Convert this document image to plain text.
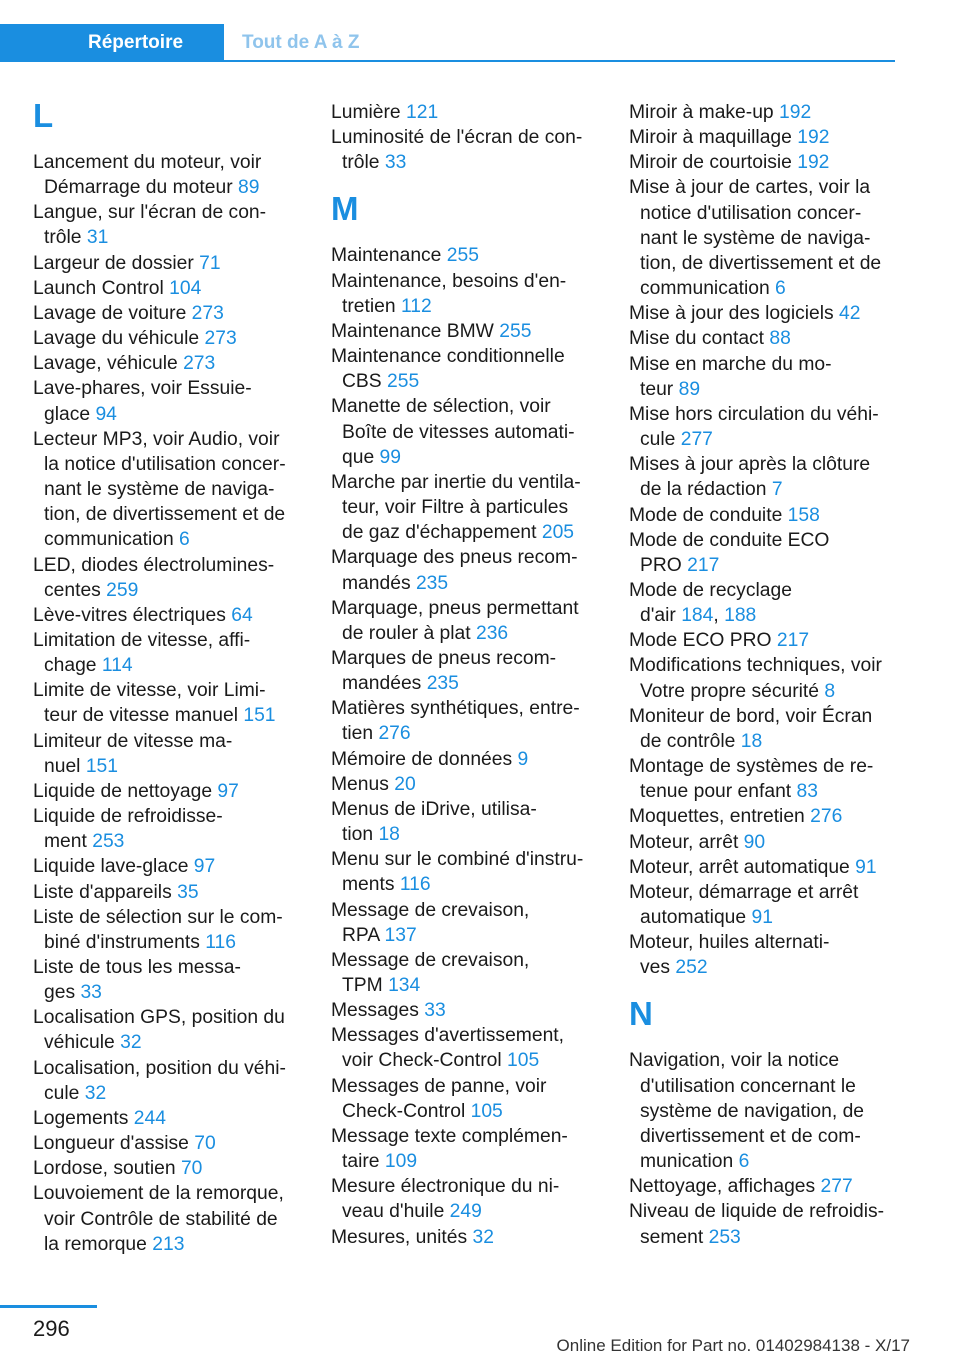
Répertoire	Tout de A à Z
L

Lancement du moteur, voir
Démarrage du moteur 89

Langue, sur l'écran de con‐
trôle 31

Largeur de dossier 71

Launch Control 104

Lavage de voiture 273

Lavage du véhicule 273

Lavage, véhicule 273

Lave-phares, voir Essuie‐
glace 94

Lecteur MP3, voir Audio, voir
la notice d'utilisation concer‐
nant le système de naviga‐
tion, de divertissement et de
communication 6

LED, diodes électrolumines‐
centes 259

Lève-vitres électriques 64

Limitation de vitesse, affi‐
chage 114

Limite de vitesse, voir Limi‐
teur de vitesse manuel 151

Limiteur de vitesse ma‐
nuel 151

Liquide de nettoyage 97

Liquide de refroidisse‐
ment 253

Liquide lave-glace 97

Liste d'appareils 35

Liste de sélection sur le com‐
biné d'instruments 116

Liste de tous les messa‐
ges 33

Localisation GPS, position du
véhicule 32

Localisation, position du véhi‐
cule 32

Logements 244

Longueur d'assise 70

Lordose, soutien 70

Louvoiement de la remorque,
voir Contrôle de stabilité de
la remorque 213

Lumière 121

Luminosité de l'écran de con‐
trôle 33

M

Maintenance 255

Maintenance, besoins d'en‐
tretien 112

Maintenance BMW 255

Maintenance conditionnelle
CBS 255

Manette de sélection, voir
Boîte de vitesses automati‐
que 99

Marche par inertie du ventila‐
teur, voir Filtre à particules
de gaz d'échappement 205

Marquage des pneus recom‐
mandés 235

Marquage, pneus permettant
de rouler à plat 236

Marques de pneus recom‐
mandées 235

Matières synthétiques, entre‐
tien 276

Mémoire de données 9

Menus 20

Menus de iDrive, utilisa‐
tion 18

Menu sur le combiné d'instru‐
ments 116

Message de crevaison,
RPA 137

Message de crevaison,
TPM 134

Messages 33

Messages d'avertissement,
voir Check-Control 105

Messages de panne, voir
Check-Control 105

Message texte complémen‐
taire 109

Mesure électronique du ni‐
veau d'huile 249

Mesures, unités 32

Miroir à make-up 192

Miroir à maquillage 192

Miroir de courtoisie 192

Mise à jour de cartes, voir la
notice d'utilisation concer‐
nant le système de naviga‐
tion, de divertissement et de
communication 6

Mise à jour des logiciels 42

Mise du contact 88

Mise en marche du mo‐
teur 89

Mise hors circulation du véhi‐
cule 277

Mises à jour après la clôture
de la rédaction 7

Mode de conduite 158

Mode de conduite ECO
PRO 217

Mode de recyclage
d'air 184, 188

Mode ECO PRO 217

Modifications techniques, voir
Votre propre sécurité 8

Moniteur de bord, voir Écran
de contrôle 18

Montage de systèmes de re‐
tenue pour enfant 83

Moquettes, entretien 276

Moteur, arrêt 90

Moteur, arrêt automatique 91

Moteur, démarrage et arrêt
automatique 91

Moteur, huiles alternati‐
ves 252

N

Navigation, voir la notice
d'utilisation concernant le
système de navigation, de
divertissement et de com‐
munication 6

Nettoyage, affichages 277

Niveau de liquide de refroidis‐
sement 253

296
Online Edition for Part no. 01402984138 - X/17
